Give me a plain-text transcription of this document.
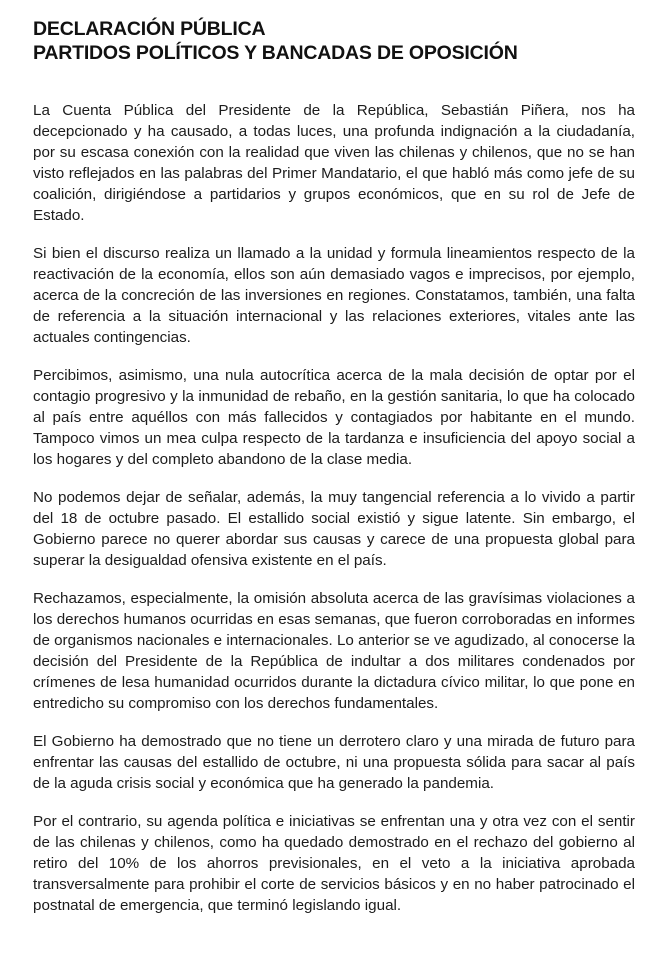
DECLARACIÓN PÚBLICA
PARTIDOS POLÍTICOS Y BANCADAS DE OPOSICIÓN

La Cuenta Pública del Presidente de la República, Sebastián Piñera, nos ha decepcionado y ha causado, a todas luces, una profunda indignación a la ciudadanía, por su escasa conexión con la realidad que viven las chilenas y chilenos, que no se han visto reflejados en las palabras del Primer Mandatario, el que habló más como jefe de su coalición, dirigiéndose a partidarios y grupos económicos, que en su rol de Jefe de Estado.

Si bien el discurso realiza un llamado a la unidad y formula lineamientos respecto de la reactivación de la economía, ellos son aún demasiado vagos e imprecisos, por ejemplo, acerca de la concreción de las inversiones en regiones. Constatamos, también, una falta de referencia a la situación internacional y las relaciones exteriores, vitales ante las actuales contingencias.

Percibimos, asimismo, una nula autocrítica acerca de la mala decisión de optar por el contagio progresivo y la inmunidad de rebaño, en la gestión sanitaria, lo que ha colocado al país entre aquéllos con más fallecidos y contagiados por habitante en el mundo. Tampoco vimos un mea culpa respecto de la tardanza e insuficiencia del apoyo social a los hogares y del completo abandono de la clase media.

No podemos dejar de señalar, además, la muy tangencial referencia a lo vivido a partir del 18 de octubre pasado. El estallido social existió y sigue latente. Sin embargo, el Gobierno parece no querer abordar sus causas y carece de una propuesta global para superar la desigualdad ofensiva existente en el país.

Rechazamos, especialmente, la omisión absoluta acerca de las gravísimas violaciones a los derechos humanos ocurridas en esas semanas, que fueron corroboradas en informes de organismos nacionales e internacionales. Lo anterior se ve agudizado, al conocerse la decisión del Presidente de la República de indultar a dos militares condenados por crímenes de lesa humanidad ocurridos durante la dictadura cívico militar, lo que pone en entredicho su compromiso con los derechos fundamentales.

El Gobierno ha demostrado que no tiene un derrotero claro y una mirada de futuro para enfrentar las causas del estallido de octubre, ni una propuesta sólida para sacar al país de la aguda crisis social y económica que ha generado la pandemia.

Por el contrario, su agenda política e iniciativas se enfrentan una y otra vez con el sentir de las chilenas y chilenos, como ha quedado demostrado en el rechazo del gobierno al retiro del 10% de los ahorros previsionales, en el veto a la iniciativa aprobada transversalmente para prohibir el corte de servicios básicos y en no haber patrocinado el postnatal de emergencia, que terminó legislando igual.
